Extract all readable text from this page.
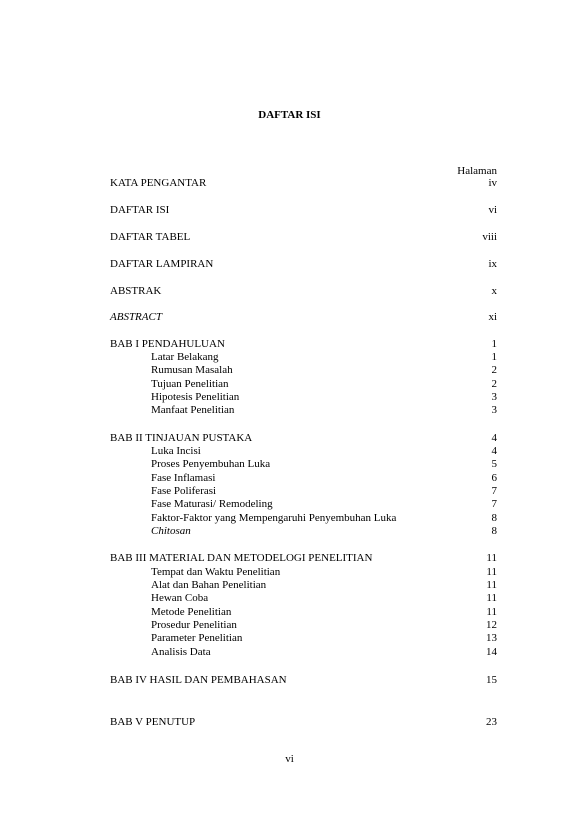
DAFTAR ISI
Halaman
KATA PENGANTAR	iv
DAFTAR ISI	vi
DAFTAR TABEL	viii
DAFTAR LAMPIRAN	ix
ABSTRAK	x
ABSTRACT	xi
BAB I PENDAHULUAN	1
Latar Belakang	1
Rumusan Masalah	2
Tujuan Penelitian	2
Hipotesis Penelitian	3
Manfaat Penelitian	3
BAB II TINJAUAN PUSTAKA	4
Luka Incisi	4
Proses Penyembuhan Luka	5
Fase Inflamasi	6
Fase Poliferasi	7
Fase Maturasi/ Remodeling	7
Faktor-Faktor yang Mempengaruhi Penyembuhan Luka	8
Chitosan	8
BAB III MATERIAL DAN METODELOGI PENELITIAN	11
Tempat dan Waktu Penelitian	11
Alat dan Bahan Penelitian	11
Hewan Coba	11
Metode Penelitian	11
Prosedur Penelitian	12
Parameter Penelitian	13
Analisis Data	14
BAB IV HASIL DAN PEMBAHASAN	15
BAB V PENUTUP	23
vi
